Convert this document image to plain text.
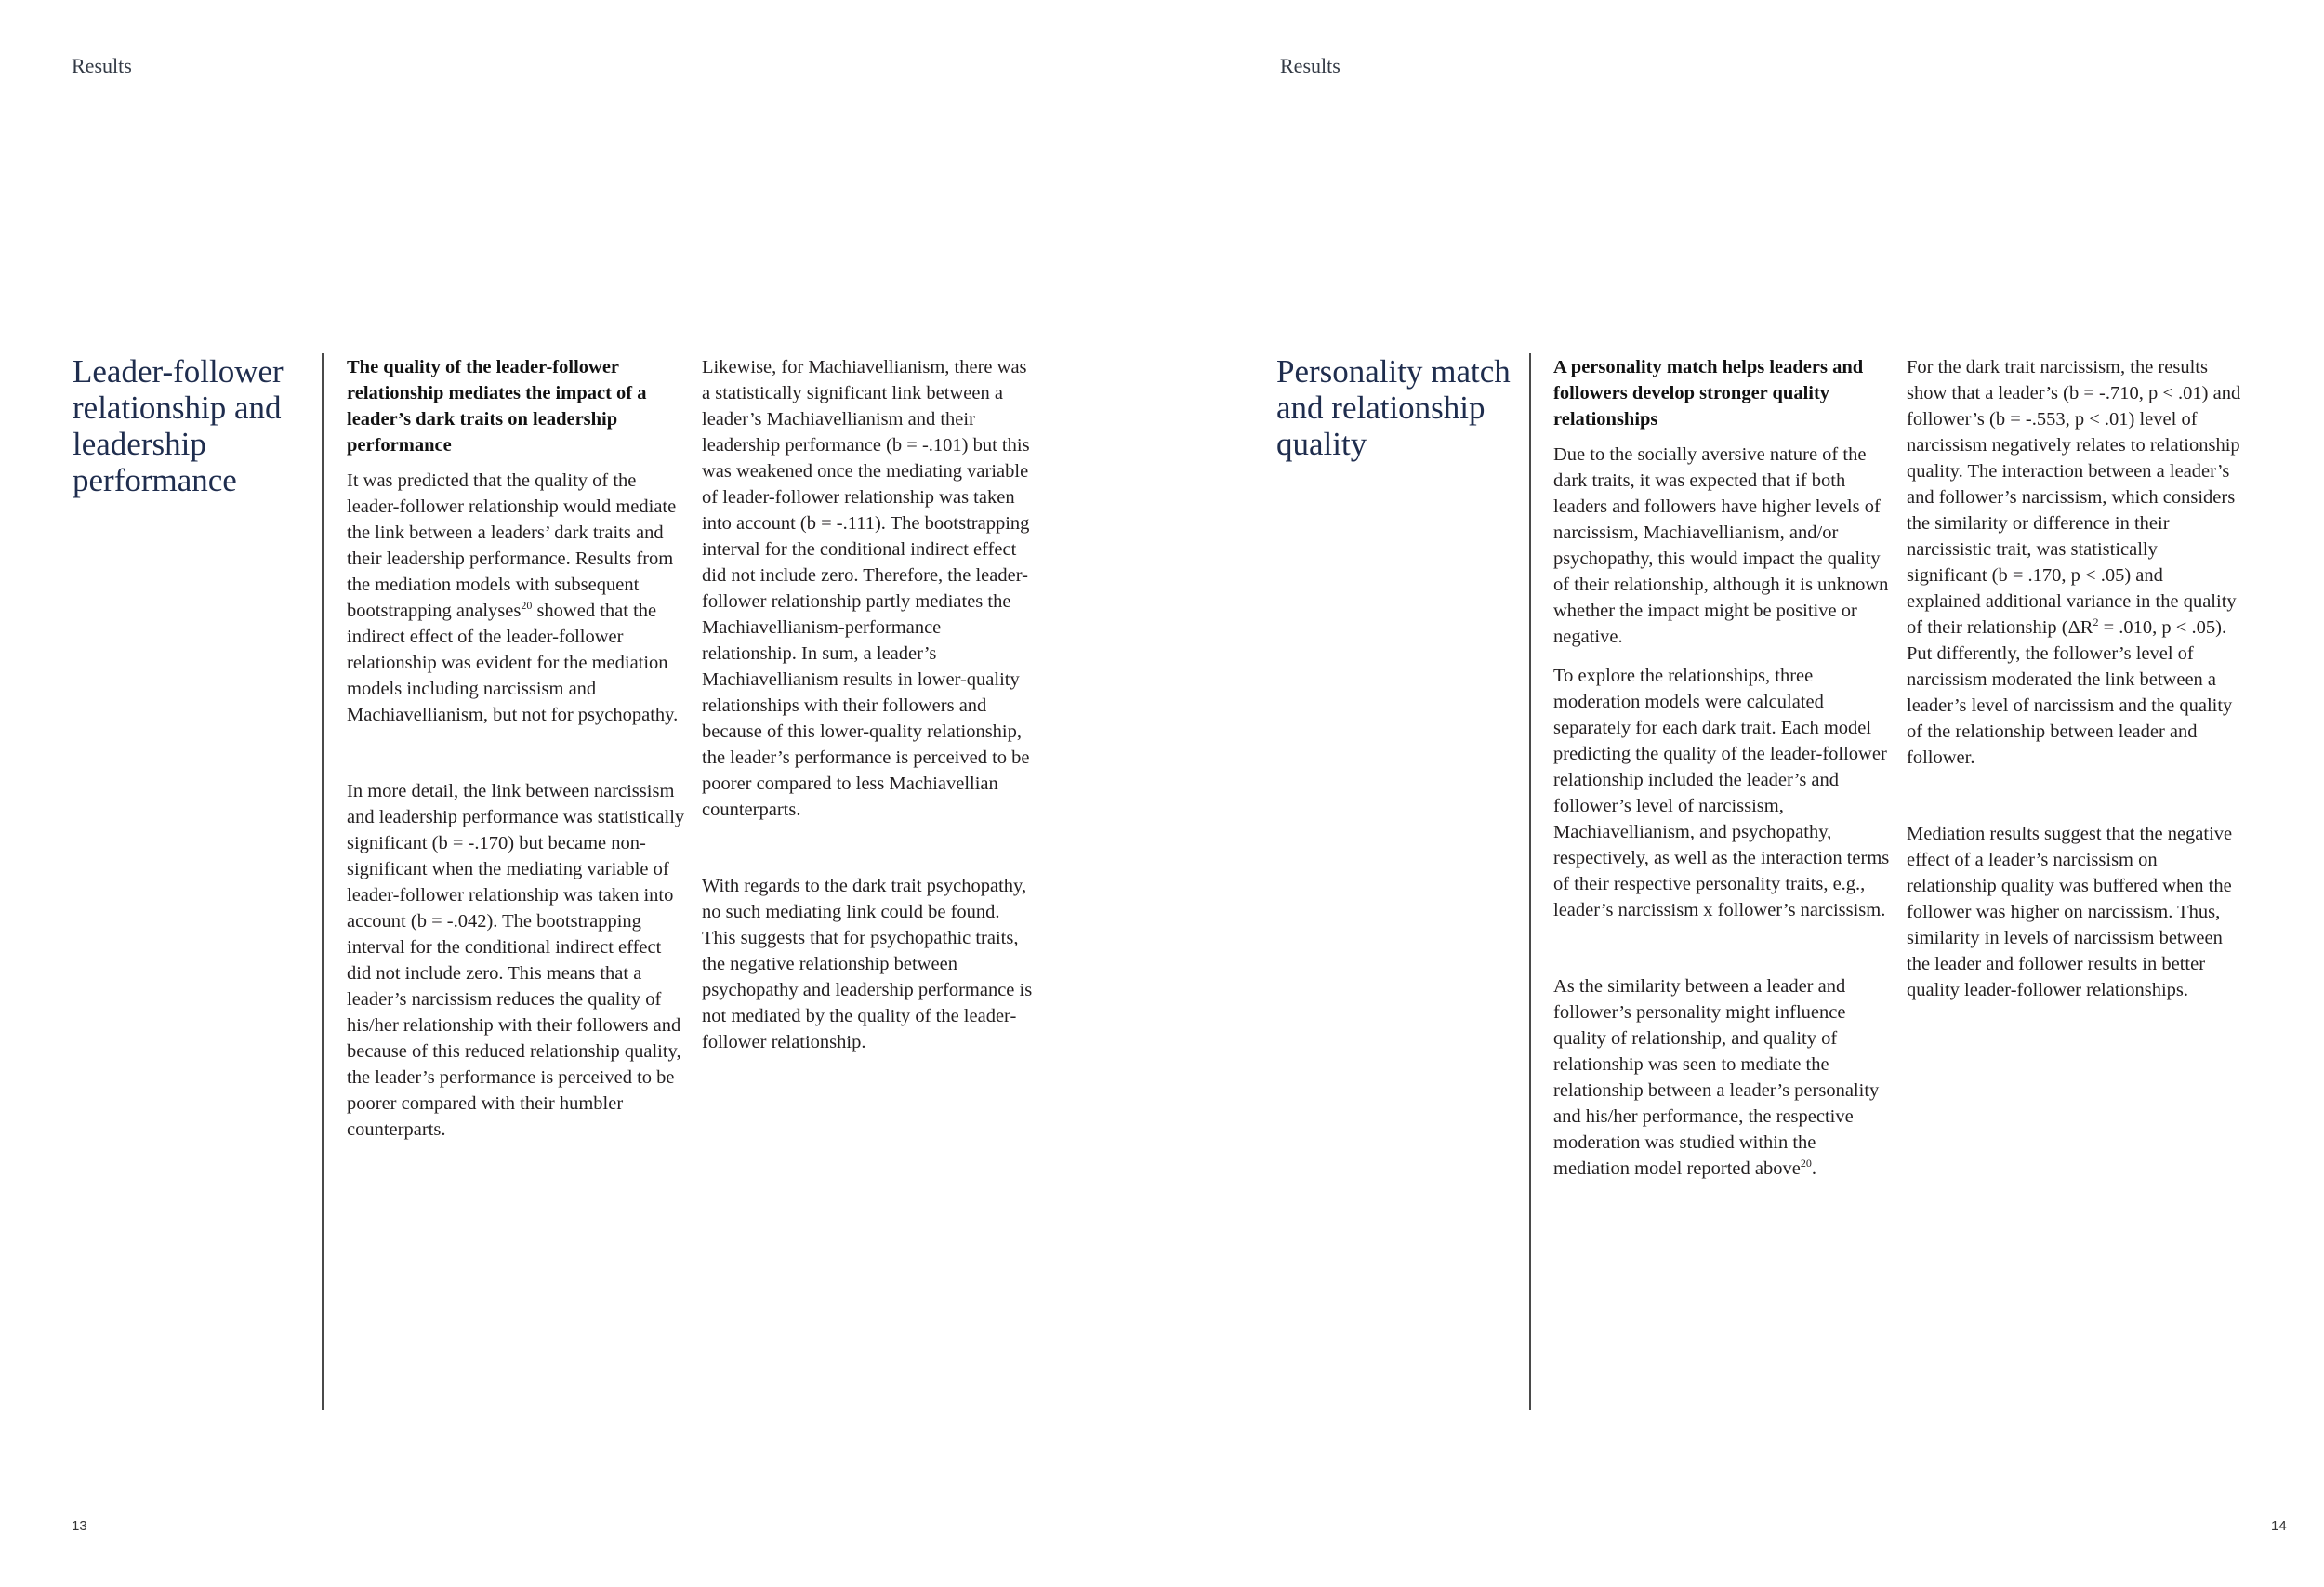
Results
Leader-follower relationship and leadership performance
The quality of the leader-follower relationship mediates the impact of a leader’s dark traits on leadership performance

It was predicted that the quality of the leader-follower relationship would mediate the link between a leaders’ dark traits and their leadership performance. Results from the mediation models with subsequent bootstrapping analyses$^{20}$ showed that the indirect effect of the leader-follower relationship was evident for the mediation models including narcissism and Machiavellianism, but not for psychopathy.

In more detail, the link between narcissism and leadership performance was statistically significant (b = -.170) but became non-significant when the mediating variable of leader-follower relationship was taken into account (b = -.042). The bootstrapping interval for the conditional indirect effect did not include zero. This means that a leader’s narcissism reduces the quality of his/her relationship with their followers and because of this reduced relationship quality, the leader’s performance is perceived to be poorer compared with their humbler counterparts.

Likewise, for Machiavellianism, there was a statistically significant link between a leader’s Machiavellianism and their leadership performance (b = -.101) but this was weakened once the mediating variable of leader-follower relationship was taken into account (b = -.111). The bootstrapping interval for the conditional indirect effect did not include zero. Therefore, the leader-follower relationship partly mediates the Machiavellianism-performance relationship. In sum, a leader’s Machiavellianism results in lower-quality relationships with their followers and because of this lower-quality relationship, the leader’s performance is perceived to be poorer compared to less Machiavellian counterparts.

With regards to the dark trait psychopathy, no such mediating link could be found. This suggests that for psychopathic traits, the negative relationship between psychopathy and leadership performance is not mediated by the quality of the leader-follower relationship.

13
Results
Personality match and relationship quality
A personality match helps leaders and followers develop stronger quality relationships

Due to the socially aversive nature of the dark traits, it was expected that if both leaders and followers have higher levels of narcissism, Machiavellianism, and/or psychopathy, this would impact the quality of their relationship, although it is unknown whether the impact might be positive or negative.

To explore the relationships, three moderation models were calculated separately for each dark trait. Each model predicting the quality of the leader-follower relationship included the leader’s and follower’s level of narcissism, Machiavellianism, and psychopathy, respectively, as well as the interaction terms of their respective personality traits, e.g., leader’s narcissism x follower’s narcissism.

As the similarity between a leader and follower’s personality might influence quality of relationship, and quality of relationship was seen to mediate the relationship between a leader’s personality and his/her performance, the respective moderation was studied within the mediation model reported above$^{20}$.

For the dark trait narcissism, the results show that a leader’s (b = -.710, p < .01) and follower’s (b = -.553, p < .01) level of narcissism negatively relates to relationship quality. The interaction between a leader’s and follower’s narcissism, which considers the similarity or difference in their narcissistic trait, was statistically significant (b = .170, p < .05) and explained additional variance in the quality of their relationship ($\Delta R^2 = .010$, p < .05). Put differently, the follower’s level of narcissism moderated the link between a leader’s level of narcissism and the quality of the relationship between leader and follower.

Mediation results suggest that the negative effect of a leader’s narcissism on relationship quality was buffered when the follower was higher on narcissism. Thus, similarity in levels of narcissism between the leader and follower results in better quality leader-follower relationships.

14
